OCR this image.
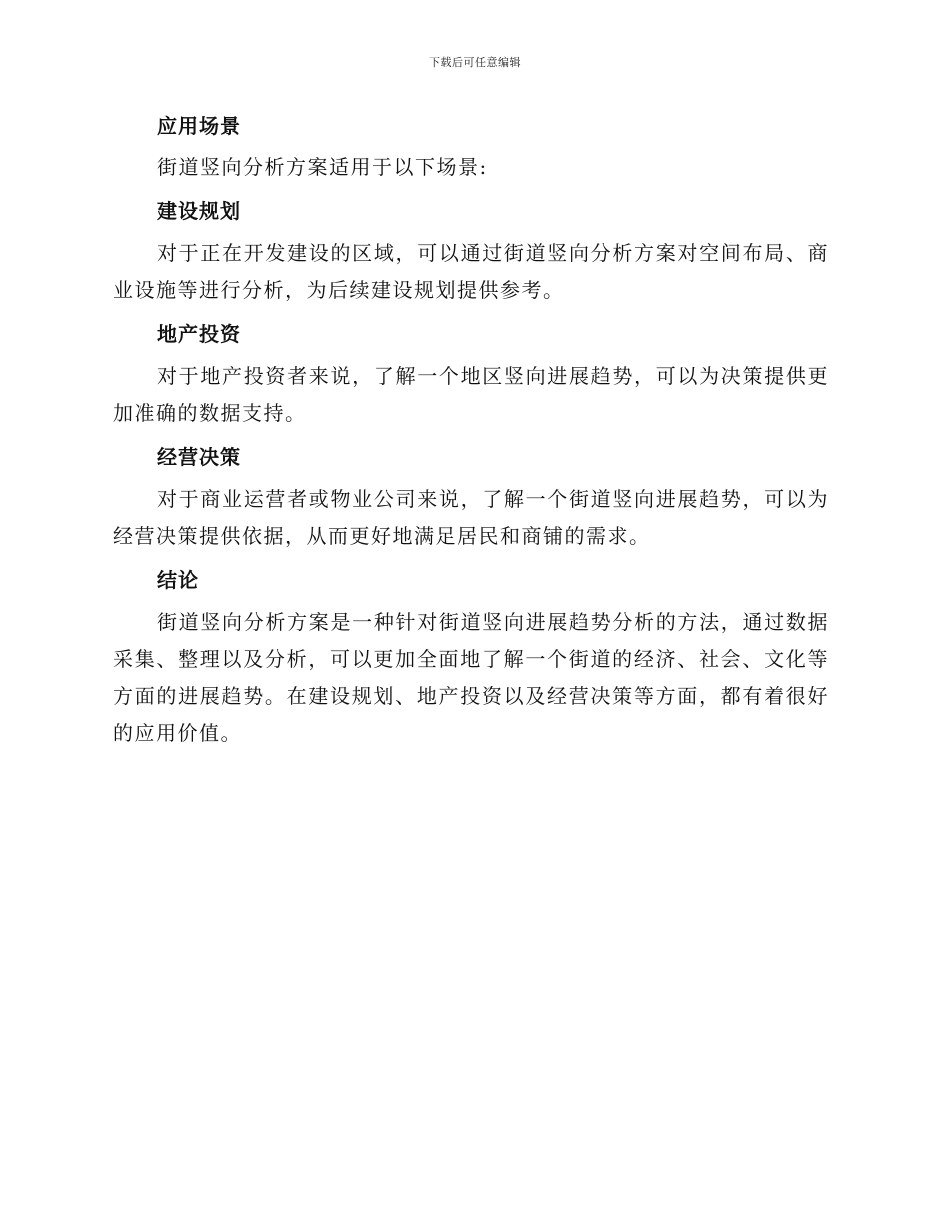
下载后可任意编辑
应用场景

街道竖向分析方案适用于以下场景:

建设规划

对于正在开发建设的区域，可以通过街道竖向分析方案对空间布局、商业设施等进行分析，为后续建设规划提供参考。

地产投资

对于地产投资者来说，了解一个地区竖向进展趋势，可以为决策提供更加准确的数据支持。

经营决策

对于商业运营者或物业公司来说，了解一个街道竖向进展趋势，可以为经营决策提供依据，从而更好地满足居民和商铺的需求。

结论

街道竖向分析方案是一种针对街道竖向进展趋势分析的方法，通过数据采集、整理以及分析，可以更加全面地了解一个街道的经济、社会、文化等方面的进展趋势。在建设规划、地产投资以及经营决策等方面，都有着很好的应用价值。
